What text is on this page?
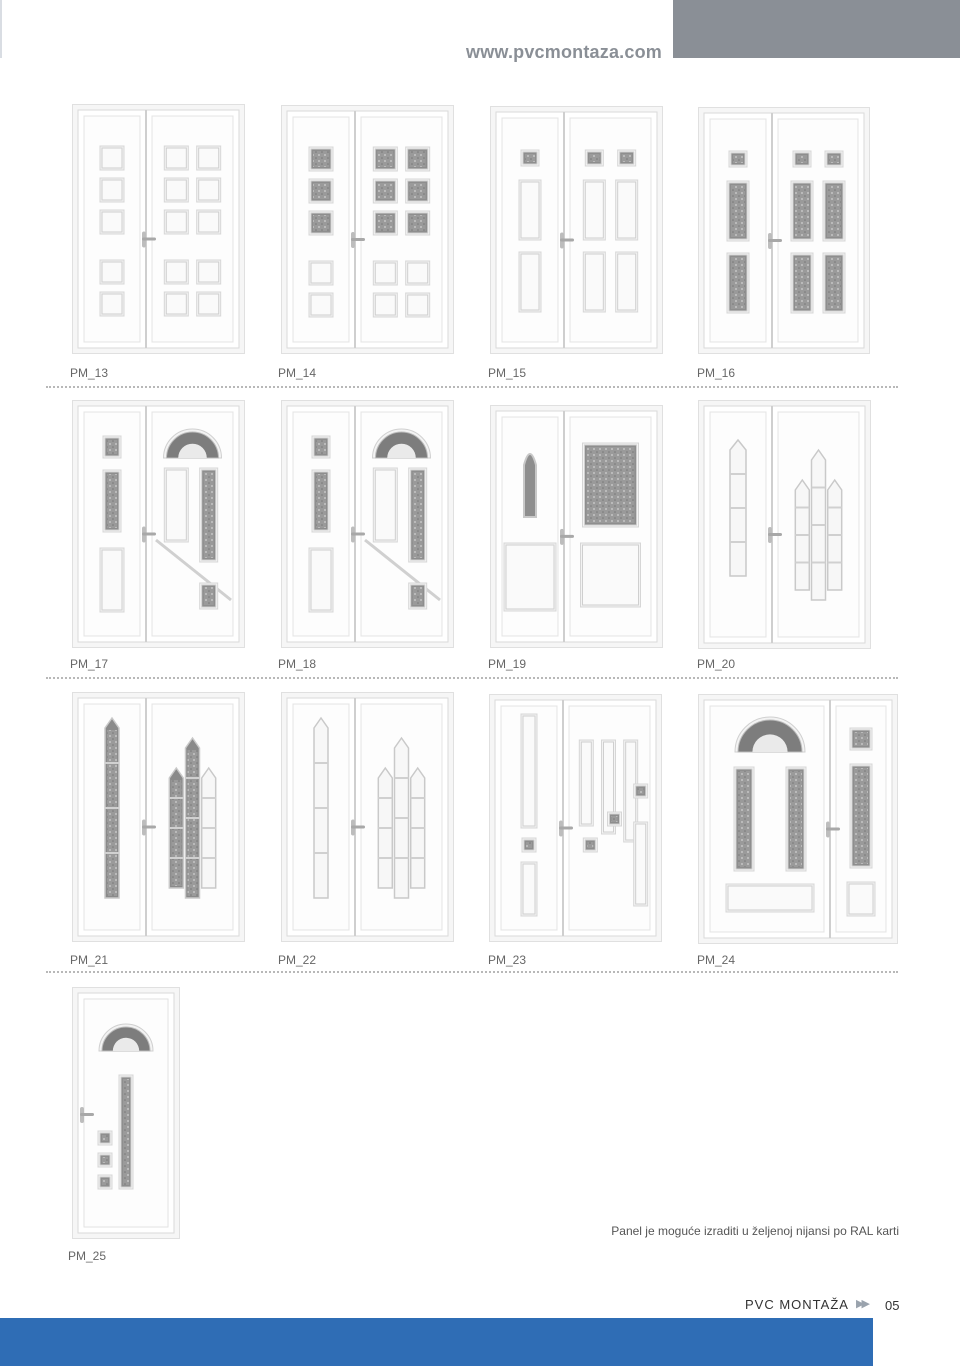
www.pvcmontaza.com
PM_13	PM_14	PM_15	PM_16
PM_17	PM_18	PM_19	PM_20
PM_21	PM_22	PM_23	PM_24
PM_25
Panel je moguće izraditi u željenoj nijansi po RAL karti
PVC MONTAŽA ▶▶ 05
